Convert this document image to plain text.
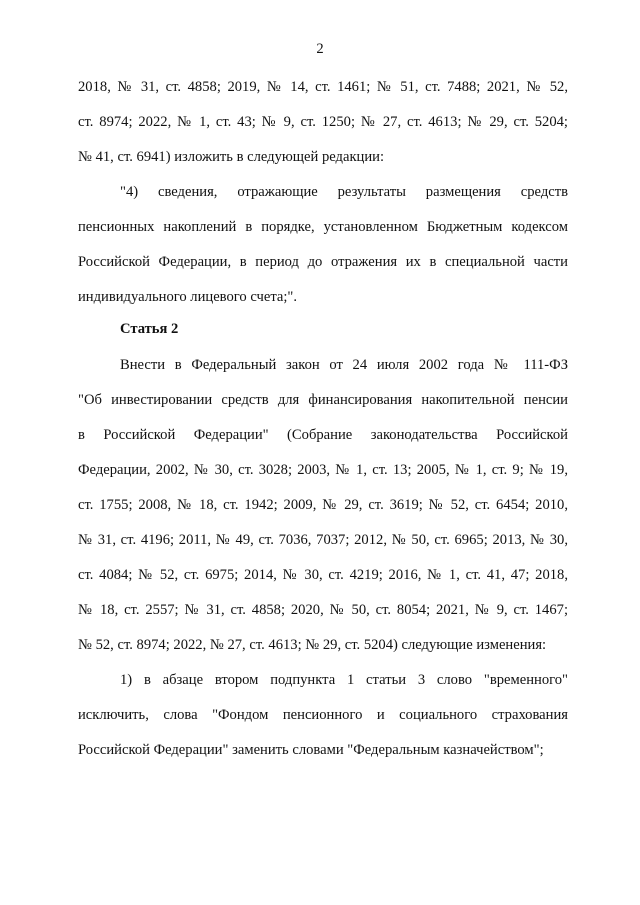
2
2018, № 31, ст. 4858; 2019, № 14, ст. 1461; № 51, ст. 7488; 2021, № 52,
ст. 8974; 2022, № 1, ст. 43; № 9, ст. 1250; № 27, ст. 4613; № 29, ст. 5204;
№ 41, ст. 6941) изложить в следующей редакции:
"4) сведения, отражающие результаты размещения средств
пенсионных накоплений в порядке, установленном Бюджетным кодексом
Российской Федерации, в период до отражения их в специальной части
индивидуального лицевого счета;".
Статья 2
Внести в Федеральный закон от 24 июля 2002 года № 111-ФЗ
"Об инвестировании средств для финансирования накопительной пенсии
в Российской Федерации" (Собрание законодательства Российской
Федерации, 2002, № 30, ст. 3028; 2003, № 1, ст. 13; 2005, № 1, ст. 9; № 19,
ст. 1755; 2008, № 18, ст. 1942; 2009, № 29, ст. 3619; № 52, ст. 6454; 2010,
№ 31, ст. 4196; 2011, № 49, ст. 7036, 7037; 2012, № 50, ст. 6965; 2013, № 30,
ст. 4084; № 52, ст. 6975; 2014, № 30, ст. 4219; 2016, № 1, ст. 41, 47; 2018,
№ 18, ст. 2557; № 31, ст. 4858; 2020, № 50, ст. 8054; 2021, № 9, ст. 1467;
№ 52, ст. 8974; 2022, № 27, ст. 4613; № 29, ст. 5204) следующие изменения:
1) в абзаце втором подпункта 1 статьи 3 слово "временного"
исключить, слова "Фондом пенсионного и социального страхования
Российской Федерации" заменить словами "Федеральным казначейством";
